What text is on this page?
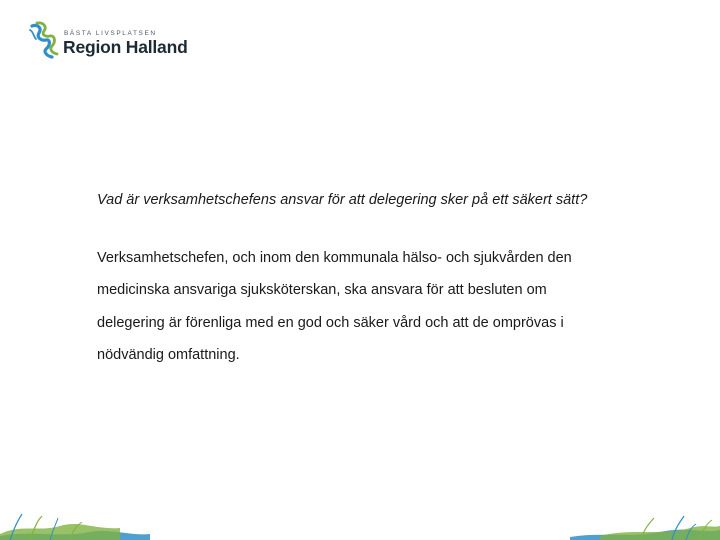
BÄSTA LIVSPLATSEN
Region Halland
Vad är verksamhetschefens ansvar för att delegering sker på ett säkert sätt?
Verksamhetschefen, och inom den kommunala hälso- och sjukvården den
medicinska ansvariga sjuksköterskan, ska ansvara för att besluten om
delegering är förenliga med en god och säker vård och att de omprövas i
nödvändig omfattning.
